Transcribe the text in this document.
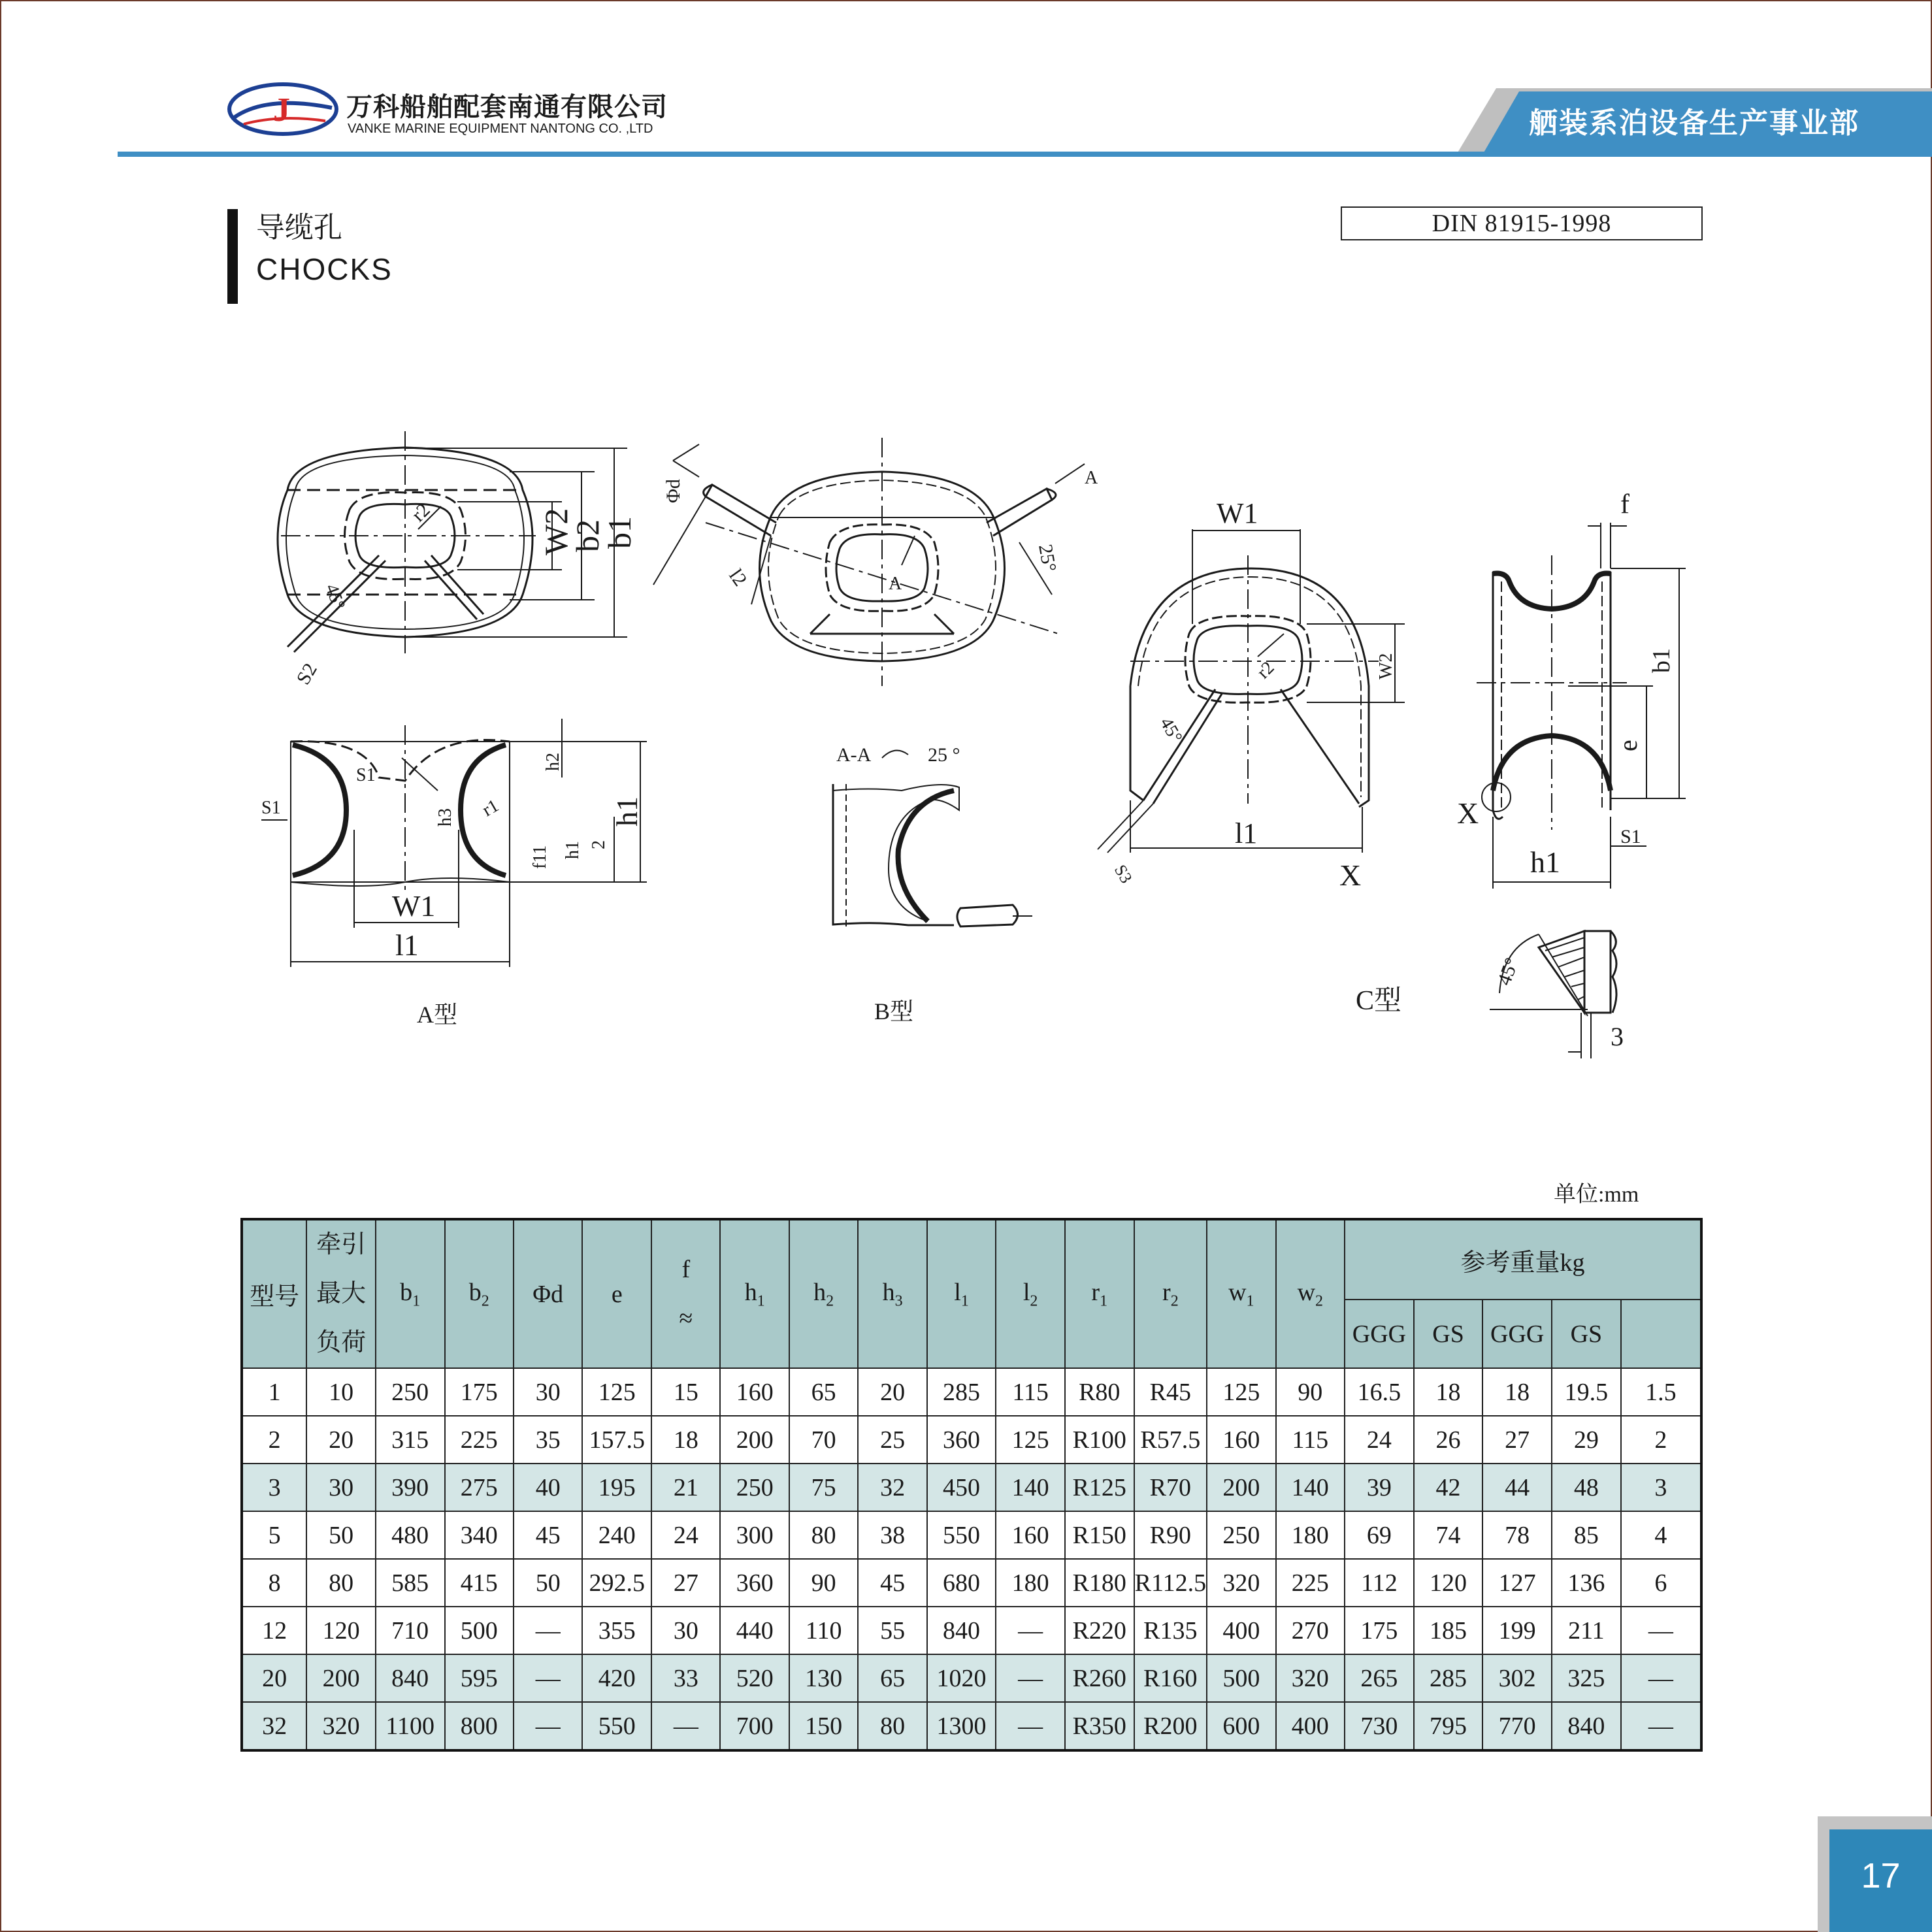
J 万科船舶配套南通有限公司
VANKE MARINE EQUIPMENT NANTONG CO. ,LTD	舾装系泊设备生产事业部
导缆孔
CHOCKS
DIN 81915-1998
b1
b2
W2
r2
45°
S2
W1
l1
h1
h2
h3
f11 h1 2
S1
S1
r1
A型
Φd
l2
25°
A
A
A-A	25 °
B型
W1
l1
W2
r2
45°
S3	X
C型
f
b1
e
h1
S1
X
45°
3
单位:mm
型号	牵引
最大
负荷	$b_1$	$b_2$	Φd	e	f
≈	$h_1$	$h_2$	$h_3$	$l_1$	$l_2$	$r_1$	$r_2$	$w_1$	$w_2$	参考重量kg				
																GGG	GS	GGG	GS	
1	10	250	175	30	125	15	160	65	20	285	115	R80	R45	125	90	16.5	18	18	19.5	1.5
2	20	315	225	35	157.5	18	200	70	25	360	125	R100	R57.5	160	115	24	26	27	29	2
3	30	390	275	40	195	21	250	75	32	450	140	R125	R70	200	140	39	42	44	48	3
5	50	480	340	45	240	24	300	80	38	550	160	R150	R90	250	180	69	74	78	85	4
8	80	585	415	50	292.5	27	360	90	45	680	180	R180	R112.5	320	225	112	120	127	136	6
12	120	710	500	—	355	30	440	110	55	840	—	R220	R135	400	270	175	185	199	211	—
20	200	840	595	—	420	33	520	130	65	1020	—	R260	R160	500	320	265	285	302	325	—
32	320	1100	800	—	550	—	700	150	80	1300	—	R350	R200	600	400	730	795	770	840	—
17
